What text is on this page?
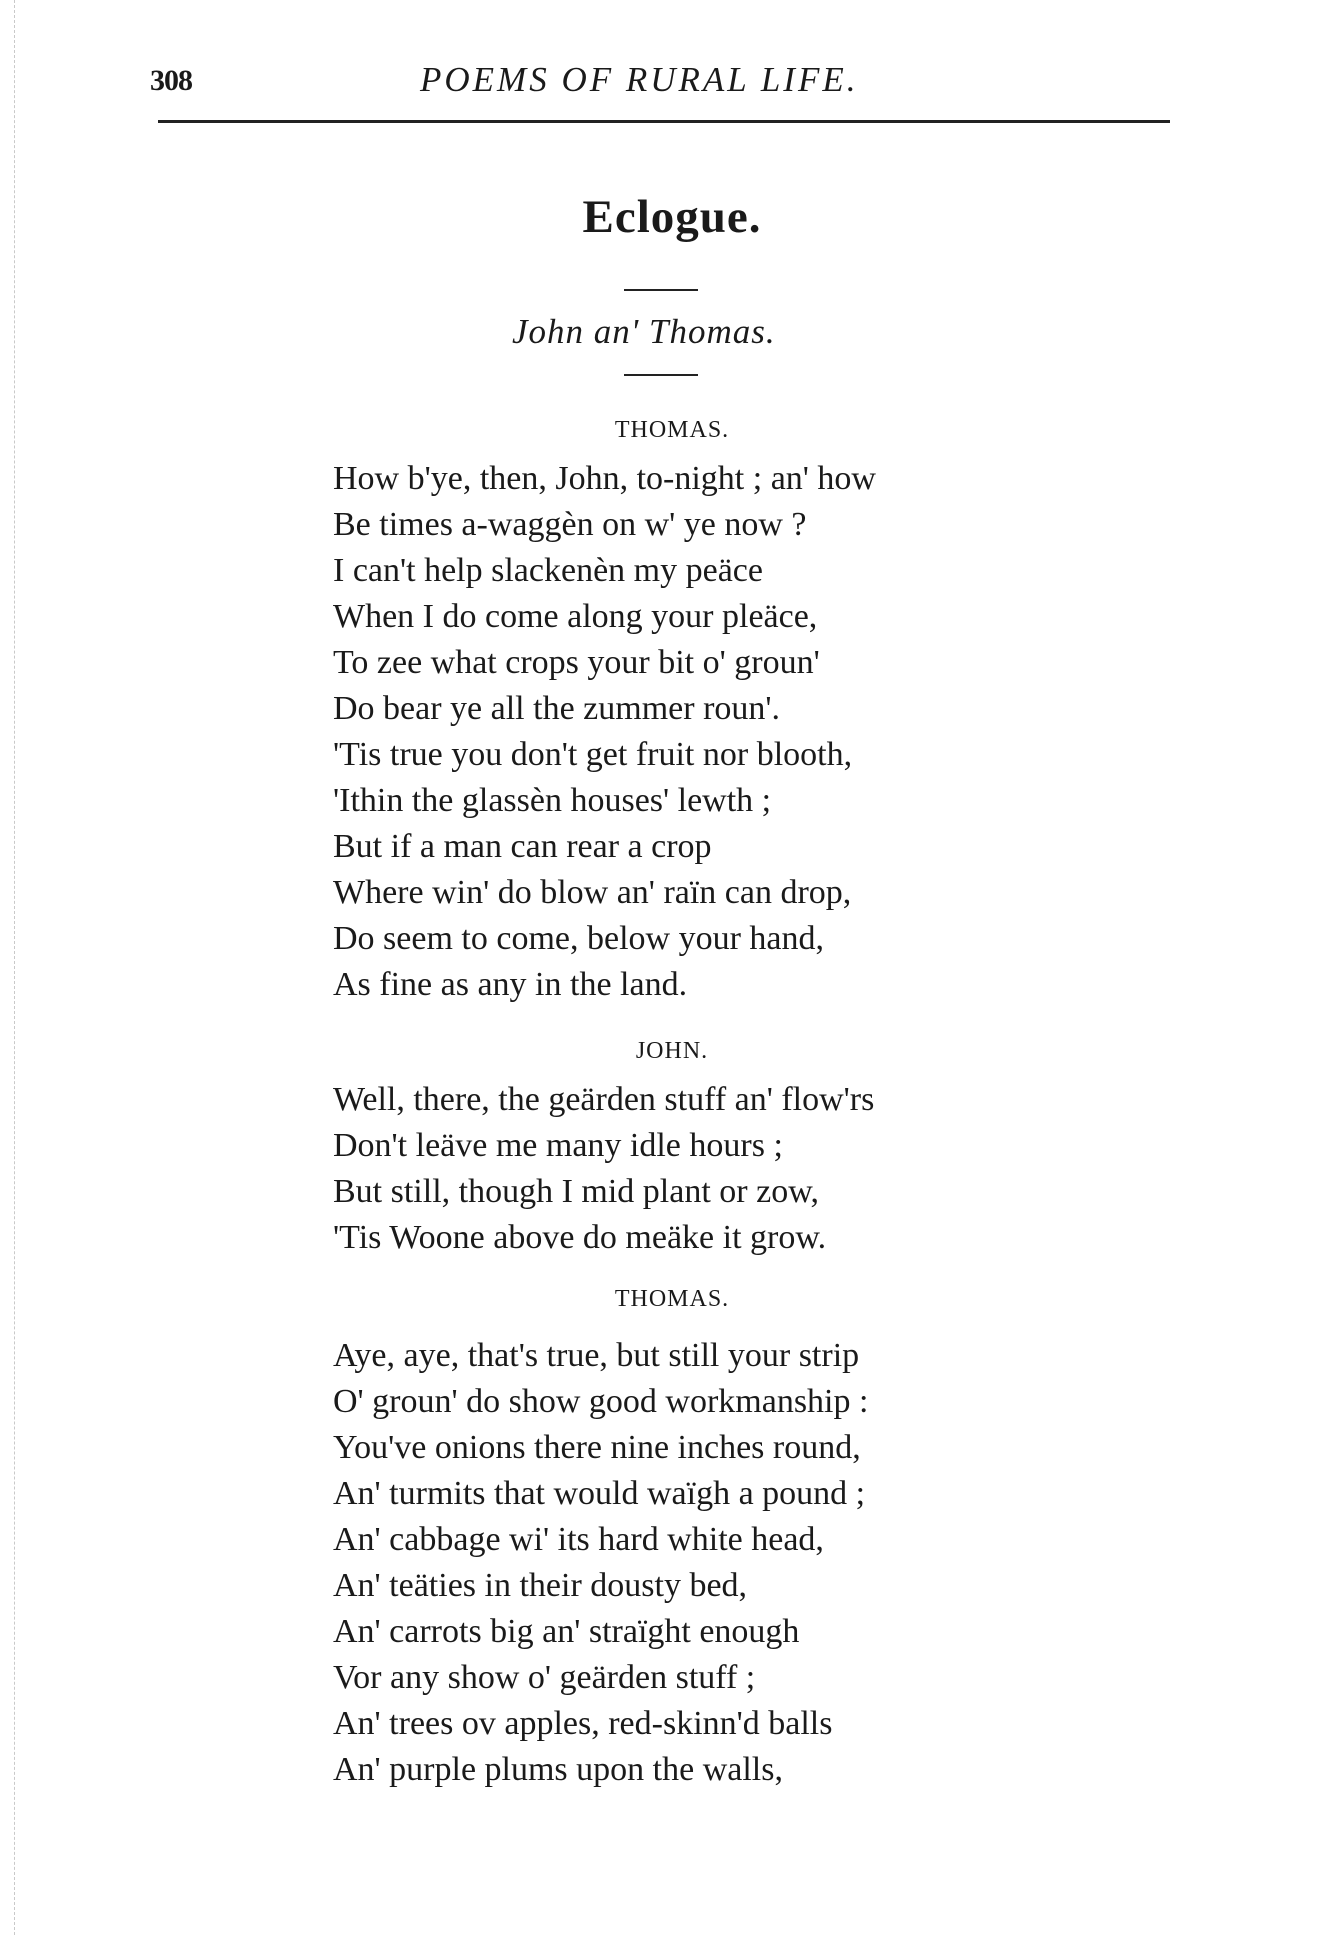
308	POEMS OF RURAL LIFE.
Eclogue.
John an' Thomas.
THOMAS.
How b'ye, then, John, to-night ; an' how
Be times a-waggèn on w' ye now ?
I can't help slackenèn my peäce
When I do come along your pleäce,
To zee what crops your bit o' groun'
Do bear ye all the zummer roun'.
'Tis true you don't get fruit nor blooth,
'Ithin the glassèn houses' lewth ;
But if a man can rear a crop
Where win' do blow an' raïn can drop,
Do seem to come, below your hand,
As fine as any in the land.
JOHN.
Well, there, the geärden stuff an' flow'rs
Don't leäve me many idle hours ;
But still, though I mid plant or zow,
'Tis Woone above do meäke it grow.
THOMAS.
Aye, aye, that's true, but still your strip
O' groun' do show good workmanship :
You've onions there nine inches round,
An' turmits that would waïgh a pound ;
An' cabbage wi' its hard white head,
An' teäties in their dousty bed,
An' carrots big an' straïght enough
Vor any show o' geärden stuff ;
An' trees ov apples, red-skinn'd balls
An' purple plums upon the walls,
